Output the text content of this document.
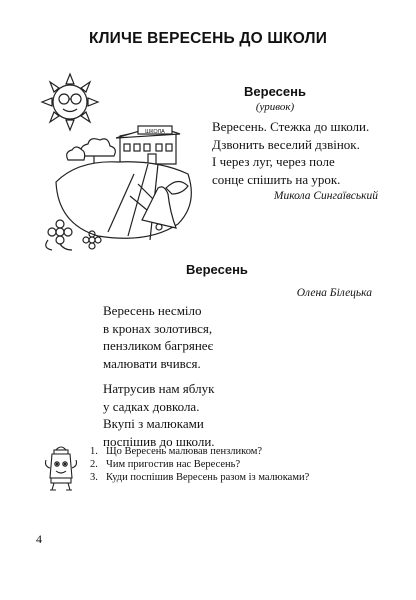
КЛИЧЕ ВЕРЕСЕНЬ ДО ШКОЛИ
ШКОЛА
Вересень
(уривок)
Вересень. Стежка до школи.
Дзвонить веселий дзвінок.
І через луг, через поле
сонце спішить на урок.
Микола Сингаївський
Вересень
Олена Білецька
Вересень несміло
в кронах золотився,
пензликом багрянеє
малювати вчився.
Натрусив нам яблук
у садках довкола.
Вкупі з малюками
поспішив до школи.
1. Що Вересень малював пензликом?
2. Чим пригостив нас Вересень?
3. Куди поспішив Вересень разом із малюками?
4
